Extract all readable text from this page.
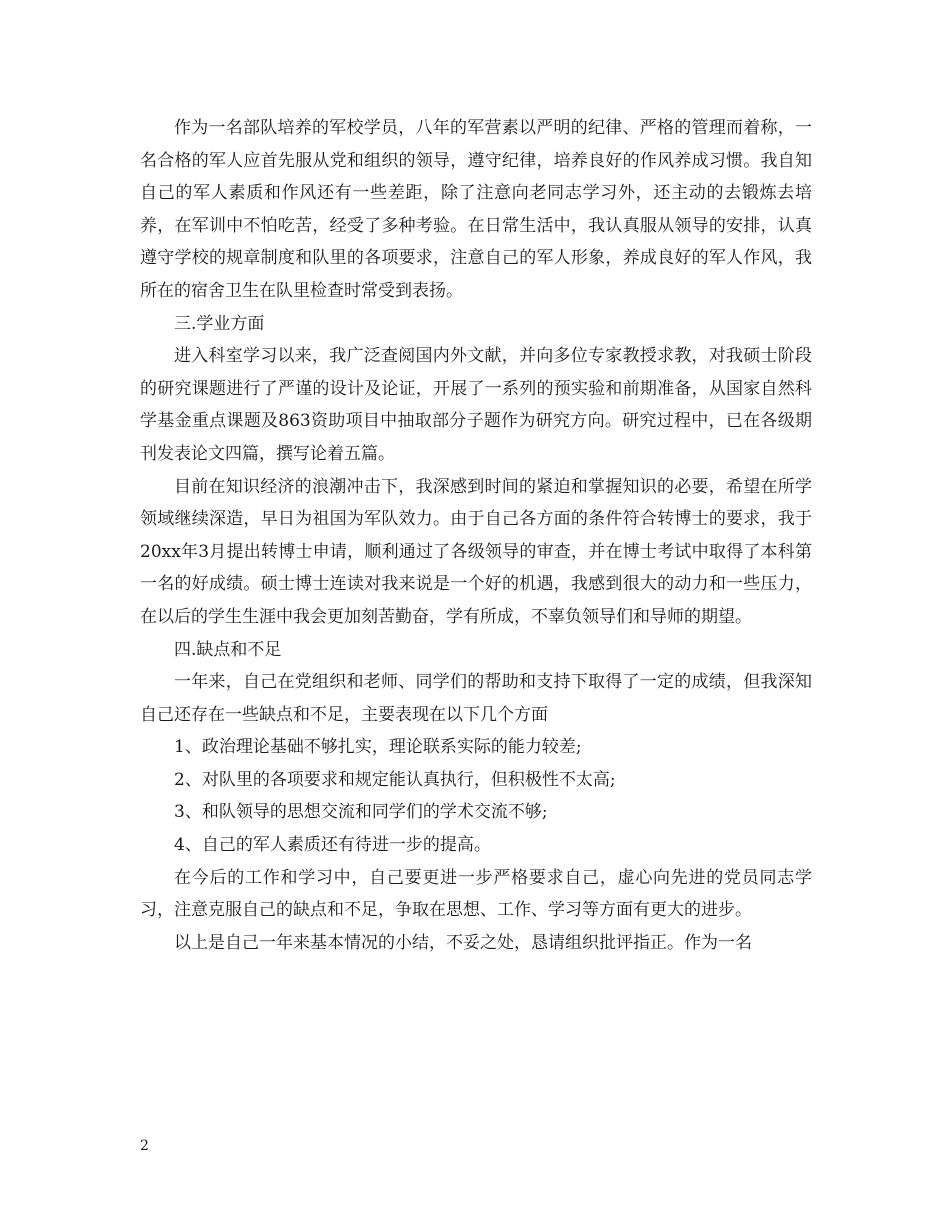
作为一名部队培养的军校学员，八年的军营素以严明的纪律、严格的管理而着称，一名合格的军人应首先服从党和组织的领导，遵守纪律，培养良好的作风养成习惯。我自知自己的军人素质和作风还有一些差距，除了注意向老同志学习外，还主动的去锻炼去培养，在军训中不怕吃苦，经受了多种考验。在日常生活中，我认真服从领导的安排，认真遵守学校的规章制度和队里的各项要求，注意自己的军人形象，养成良好的军人作风，我所在的宿舍卫生在队里检查时常受到表扬。

三.学业方面

进入科室学习以来，我广泛查阅国内外文献，并向多位专家教授求教，对我硕士阶段的研究课题进行了严谨的设计及论证，开展了一系列的预实验和前期准备，从国家自然科学基金重点课题及863资助项目中抽取部分子题作为研究方向。研究过程中，已在各级期刊发表论文四篇，撰写论着五篇。

目前在知识经济的浪潮冲击下，我深感到时间的紧迫和掌握知识的必要，希望在所学领域继续深造，早日为祖国为军队效力。由于自己各方面的条件符合转博士的要求，我于20xx年3月提出转博士申请，顺利通过了各级领导的审查，并在博士考试中取得了本科第一名的好成绩。硕士博士连读对我来说是一个好的机遇，我感到很大的动力和一些压力，在以后的学生生涯中我会更加刻苦勤奋，学有所成，不辜负领导们和导师的期望。

四.缺点和不足

一年来，自己在党组织和老师、同学们的帮助和支持下取得了一定的成绩，但我深知自己还存在一些缺点和不足，主要表现在以下几个方面

1、政治理论基础不够扎实，理论联系实际的能力较差;

2、对队里的各项要求和规定能认真执行，但积极性不太高;

3、和队领导的思想交流和同学们的学术交流不够;

4、自己的军人素质还有待进一步的提高。

在今后的工作和学习中，自己要更进一步严格要求自己，虚心向先进的党员同志学习，注意克服自己的缺点和不足，争取在思想、工作、学习等方面有更大的进步。

以上是自己一年来基本情况的小结，不妥之处，恳请组织批评指正。作为一名

2
